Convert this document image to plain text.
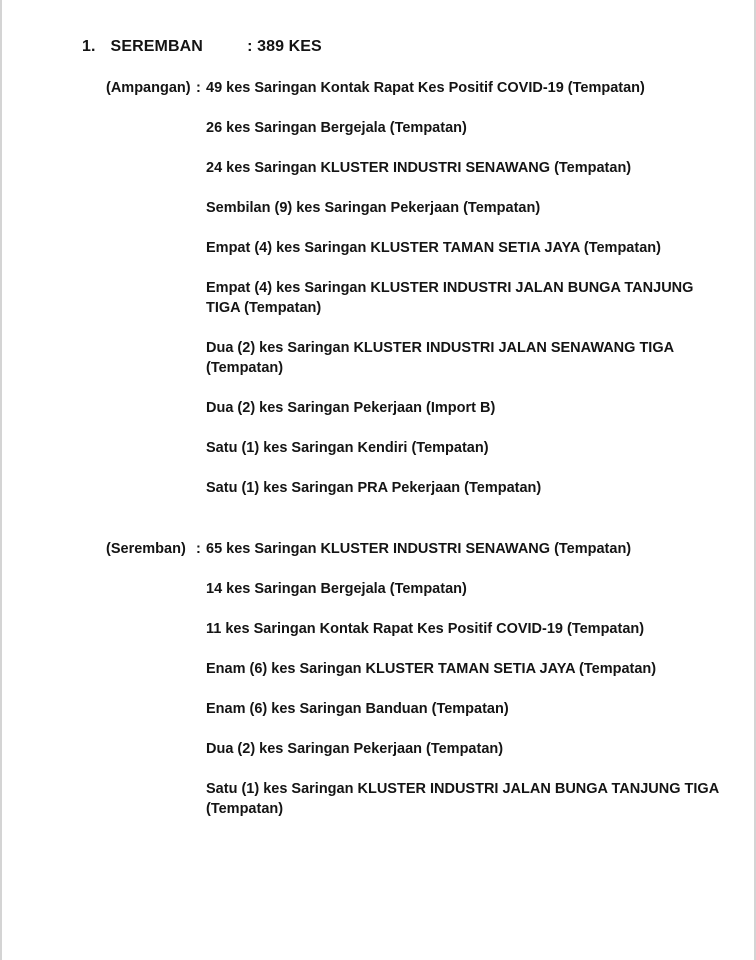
1. SEREMBAN	: 389 KES
(Ampangan) : 49 kes Saringan Kontak Rapat Kes Positif COVID-19 (Tempatan)
26 kes Saringan Bergejala (Tempatan)
24 kes Saringan KLUSTER INDUSTRI SENAWANG (Tempatan)
Sembilan (9) kes Saringan Pekerjaan (Tempatan)
Empat (4) kes Saringan KLUSTER TAMAN SETIA JAYA (Tempatan)
Empat (4) kes Saringan KLUSTER INDUSTRI JALAN BUNGA TANJUNG TIGA (Tempatan)
Dua (2) kes Saringan KLUSTER INDUSTRI JALAN SENAWANG TIGA (Tempatan)
Dua (2) kes Saringan Pekerjaan (Import B)
Satu (1) kes Saringan Kendiri (Tempatan)
Satu (1) kes Saringan PRA Pekerjaan (Tempatan)
(Seremban) : 65 kes Saringan KLUSTER INDUSTRI SENAWANG (Tempatan)
14 kes Saringan Bergejala (Tempatan)
11 kes Saringan Kontak Rapat Kes Positif COVID-19 (Tempatan)
Enam (6) kes Saringan KLUSTER TAMAN SETIA JAYA (Tempatan)
Enam (6) kes Saringan Banduan (Tempatan)
Dua (2) kes Saringan Pekerjaan (Tempatan)
Satu (1) kes Saringan KLUSTER INDUSTRI JALAN BUNGA TANJUNG TIGA (Tempatan)
